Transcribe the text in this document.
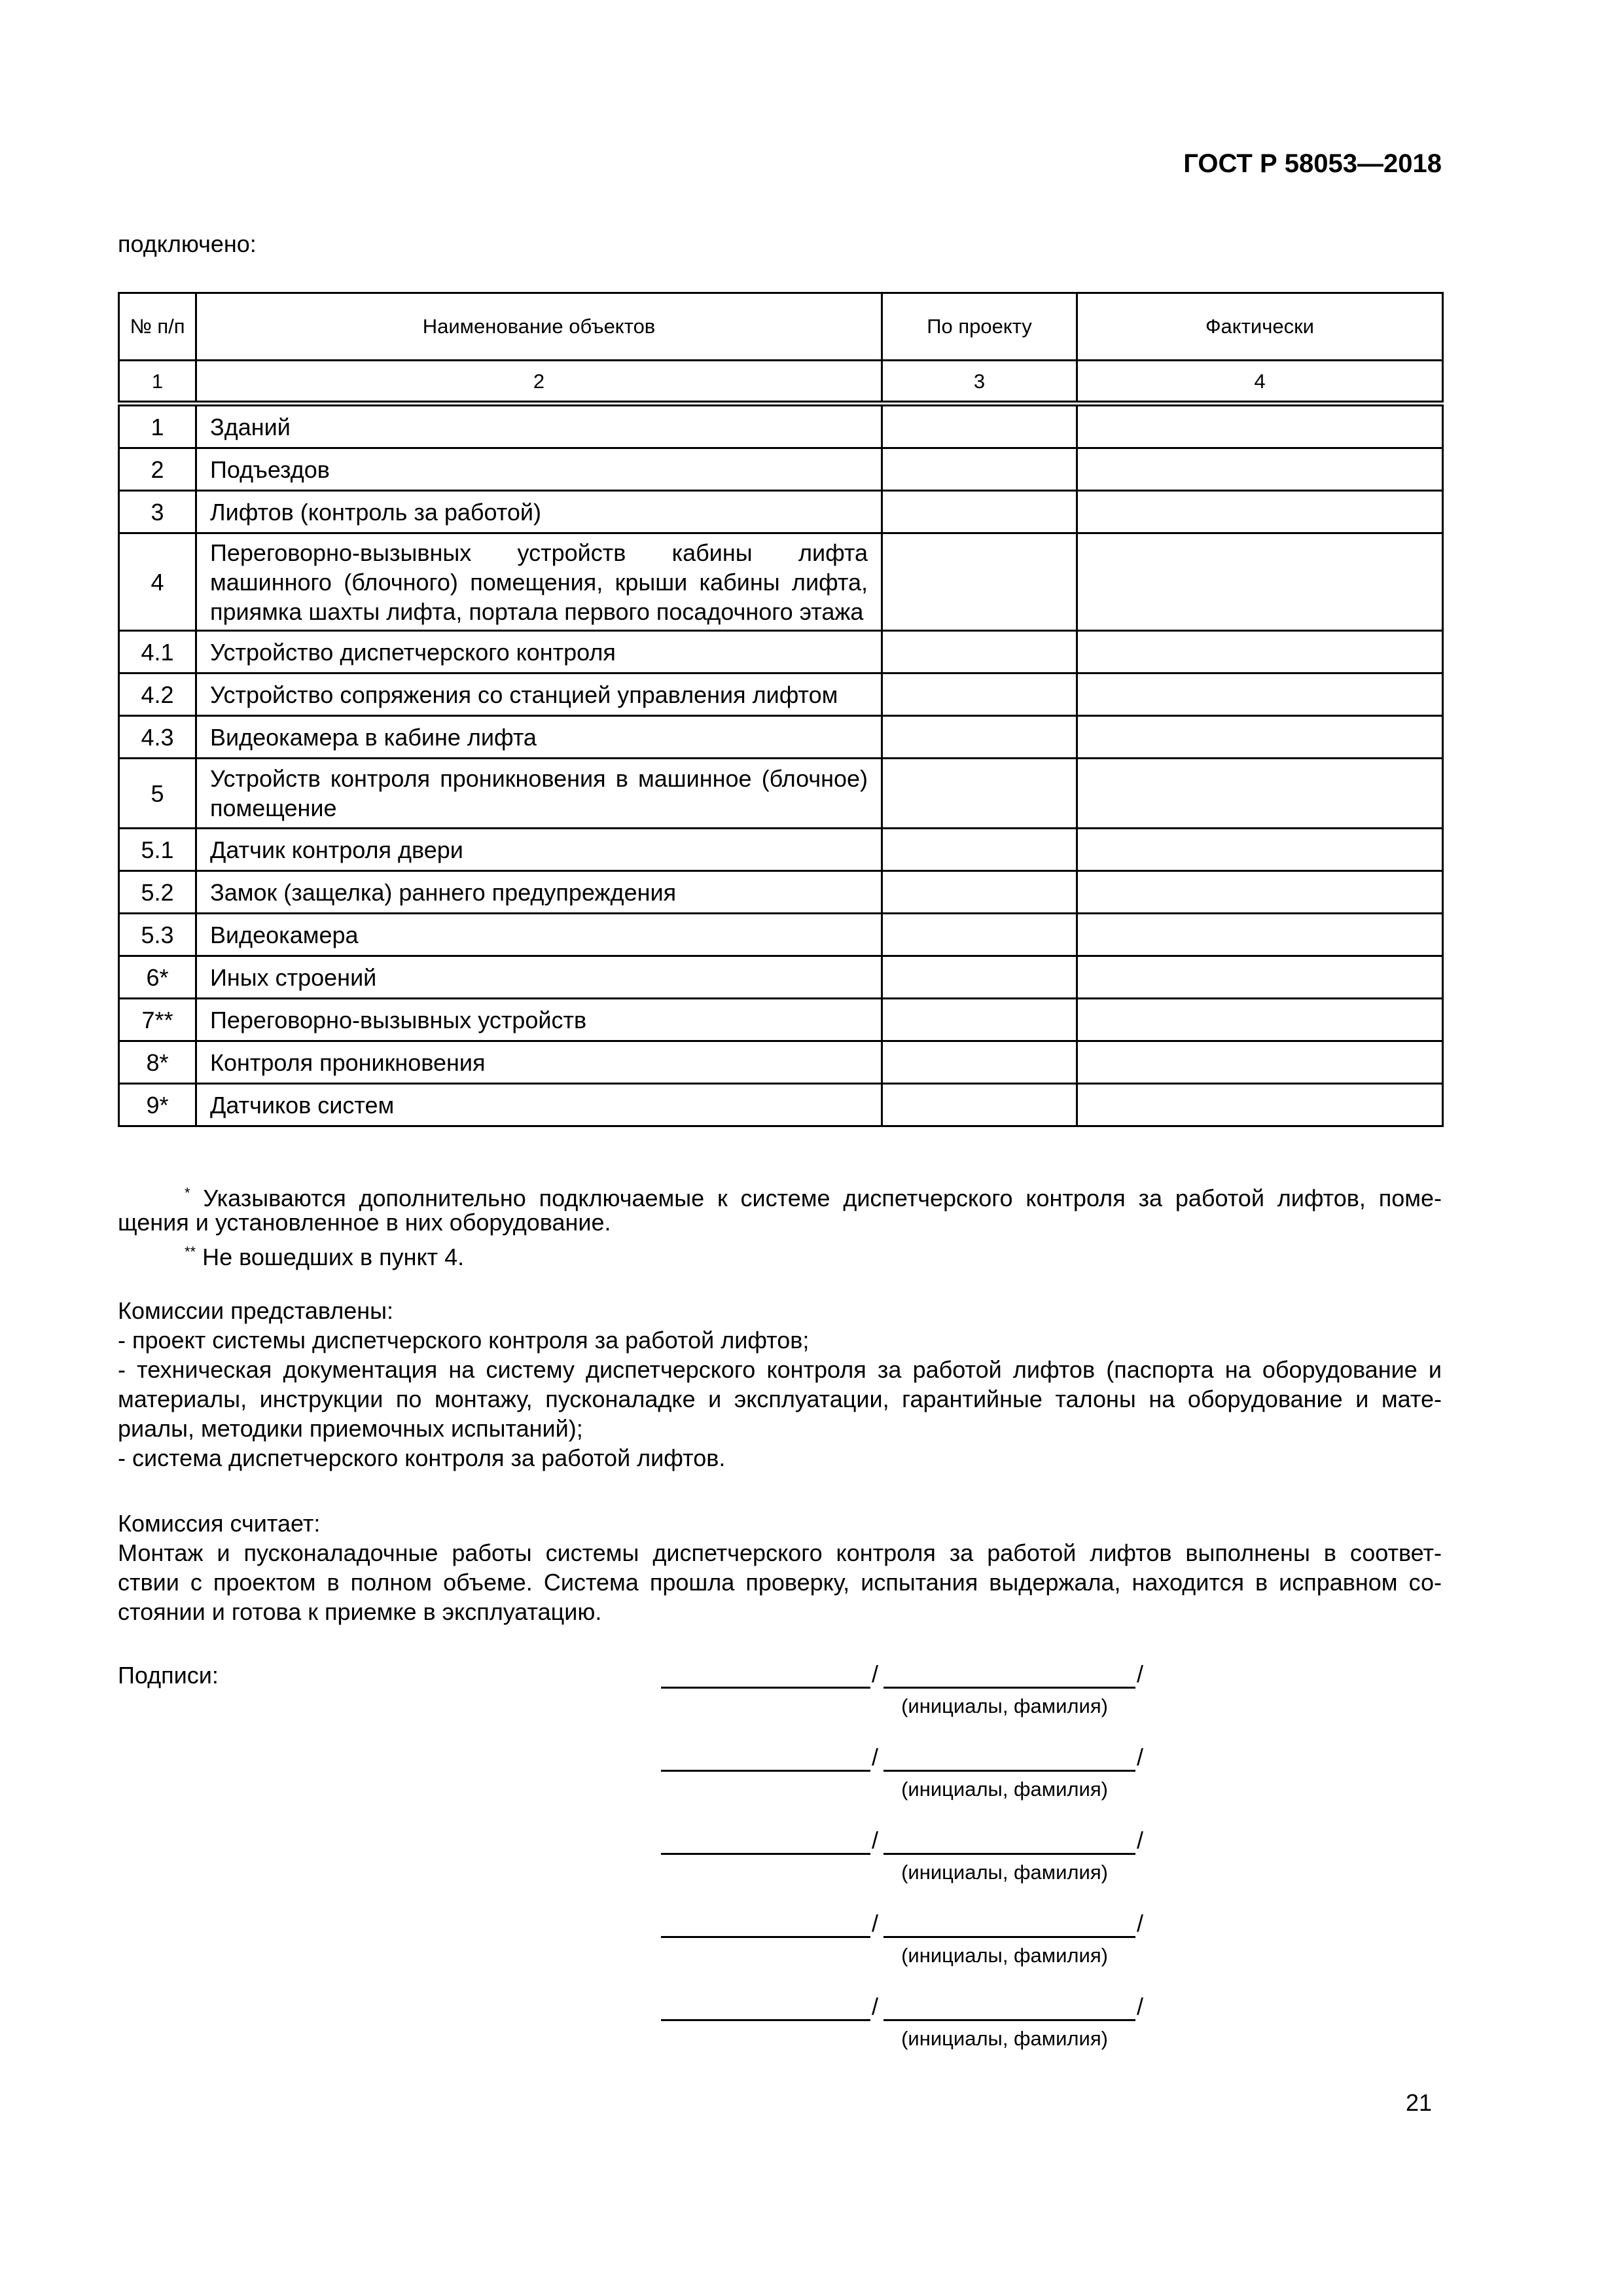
ГОСТ Р 58053—2018
подключено:
№ п/п	Наименование объектов	По проекту	Фактически
1	2	3	4
1	Зданий		

2	Подъездов		

3	Лифтов (контроль за работой)		

4	Переговорно-вызывных устройств кабины лифта машинного (блочного) помещения, крыши кабины лифта, приямка шахты лифта, портала первого посадочного этажа		

4.1	Устройство диспетчерского контроля		

4.2	Устройство сопряжения со станцией управления лифтом		

4.3	Видеокамера в кабине лифта		

5	Устройств контроля проникновения в машинное (блочное) помещение		

5.1	Датчик контроля двери		

5.2	Замок (защелка) раннего предупреждения		

5.3	Видеокамера		

6*	Иных строений		

7**	Переговорно-вызывных устройств		

8*	Контроля проникновения		

9*	Датчиков систем		

* Указываются дополнительно подключаемые к системе диспетчерского контроля за работой лифтов, поме-
щения и установленное в них оборудование.
** Не вошедших в пункт 4.
Комиссии представлены:
- проект системы диспетчерского контроля за работой лифтов;
- техническая документация на систему диспетчерского контроля за работой лифтов (паспорта на оборудование и
материалы, инструкции по монтажу, пусконаладке и эксплуатации, гарантийные талоны на оборудование и мате-
риалы, методики приемочных испытаний);
- система диспетчерского контроля за работой лифтов.
Комиссия считает:
Монтаж и пусконаладочные работы системы диспетчерского контроля за работой лифтов выполнены в соответ-
ствии с проектом в полном объеме. Система прошла проверку, испытания выдержала, находится в исправном со-
стоянии и готова к приемке в эксплуатацию.
Подписи:	/	/
(инициалы, фамилия)
/	/
(инициалы, фамилия)
/	/
(инициалы, фамилия)
/	/
(инициалы, фамилия)
/	/
(инициалы, фамилия)
21
